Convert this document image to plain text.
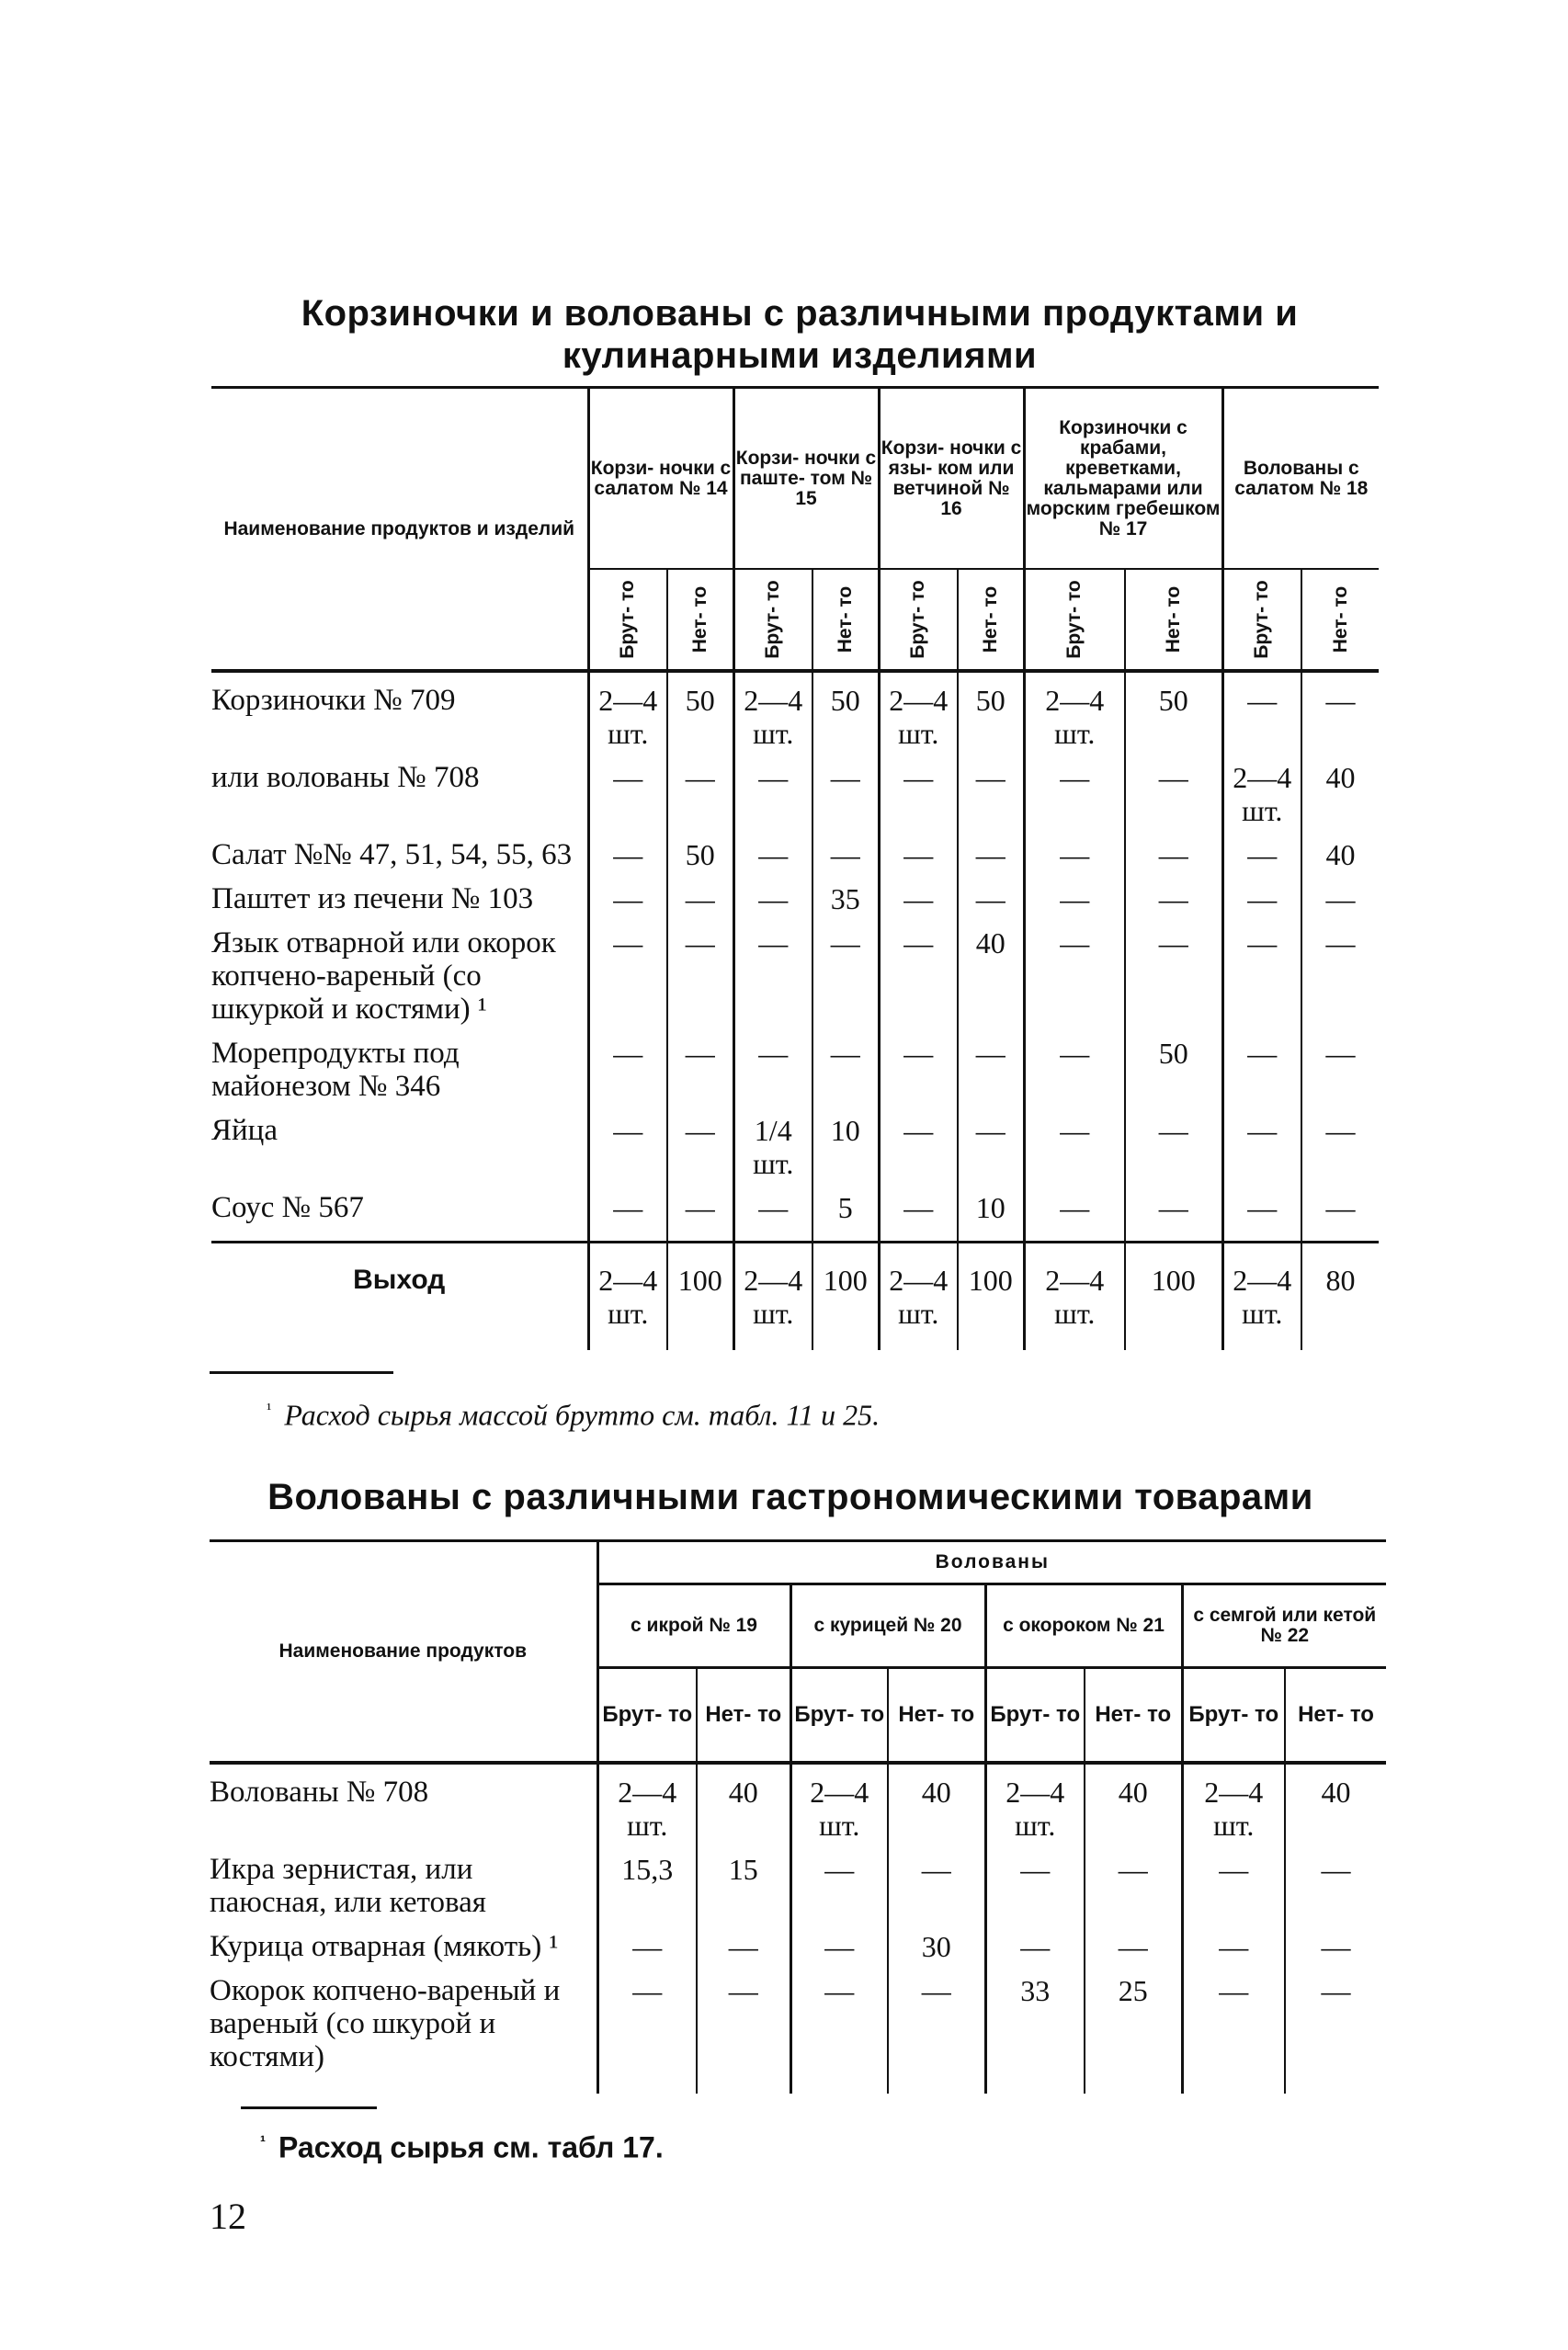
Корзиночки и волованы с различными продуктами и кулинарными изделиями
Наименование продуктов и изделий	Корзи- ночки с салатом № 14		Корзи- ночки с паште- том № 15		Корзи- ночки с язы- ком или ветчиной № 16		Корзиночки с крабами, креветками, кальмарами или морским гребешком № 17		Волованы с салатом № 18	

	Брут- то	Нет- то	Брут- то	Нет- то	Брут- то	Нет- то	Брут- то	Нет- то	Брут- то	Нет- то

Корзиночки № 709	2—4 шт.	50	2—4 шт.	50	2—4 шт.	50	2—4 шт.	50	—	—
или волованы № 708	—	—	—	—	—	—	—	—	2—4 шт.	40
Салат №№ 47, 51, 54, 55, 63	—	50	—	—	—	—	—	—	—	40
Паштет из печени № 103	—	—	—	35	—	—	—	—	—	—
Язык отварной или окорок копчено-вареный (со шкуркой и костями) ¹	—	—	—	—	—	40	—	—	—	—
Морепродукты под майонезом № 346	—	—	—	—	—	—	—	50	—	—
Яйца	—	—	1/4 шт.	10	—	—	—	—	—	—
Соус № 567	—	—	—	5	—	10	—	—	—	—
Выход	2—4 шт.	100	2—4 шт.	100	2—4 шт.	100	2—4 шт.	100	2—4 шт.	80
$^{^1}$ Расход сырья массой брутто см. табл. 11 и 25.
Волованы с различными гастрономическими товарами
Наименование продуктов	Волованы							
	с икрой № 19		с курицей № 20		с окороком № 21		с семгой или кетой № 22	
	Брут- то	Нет- то	Брут- то	Нет- то	Брут- то	Нет- то	Брут- то	Нет- то
Волованы № 708	2—4 шт.	40	2—4 шт.	40	2—4 шт.	40	2—4 шт.	40
Икра зернистая, или паюсная, или кетовая	15,3	15	—	—	—	—	—	—
Курица отварная (мякоть) ¹	—	—	—	30	—	—	—	—
Окорок копчено-вареный и вареный (со шкурой и костями)	—	—	—	—	33	25	—	—
$^{^1}$ Расход сырья см. табл 17.
12
